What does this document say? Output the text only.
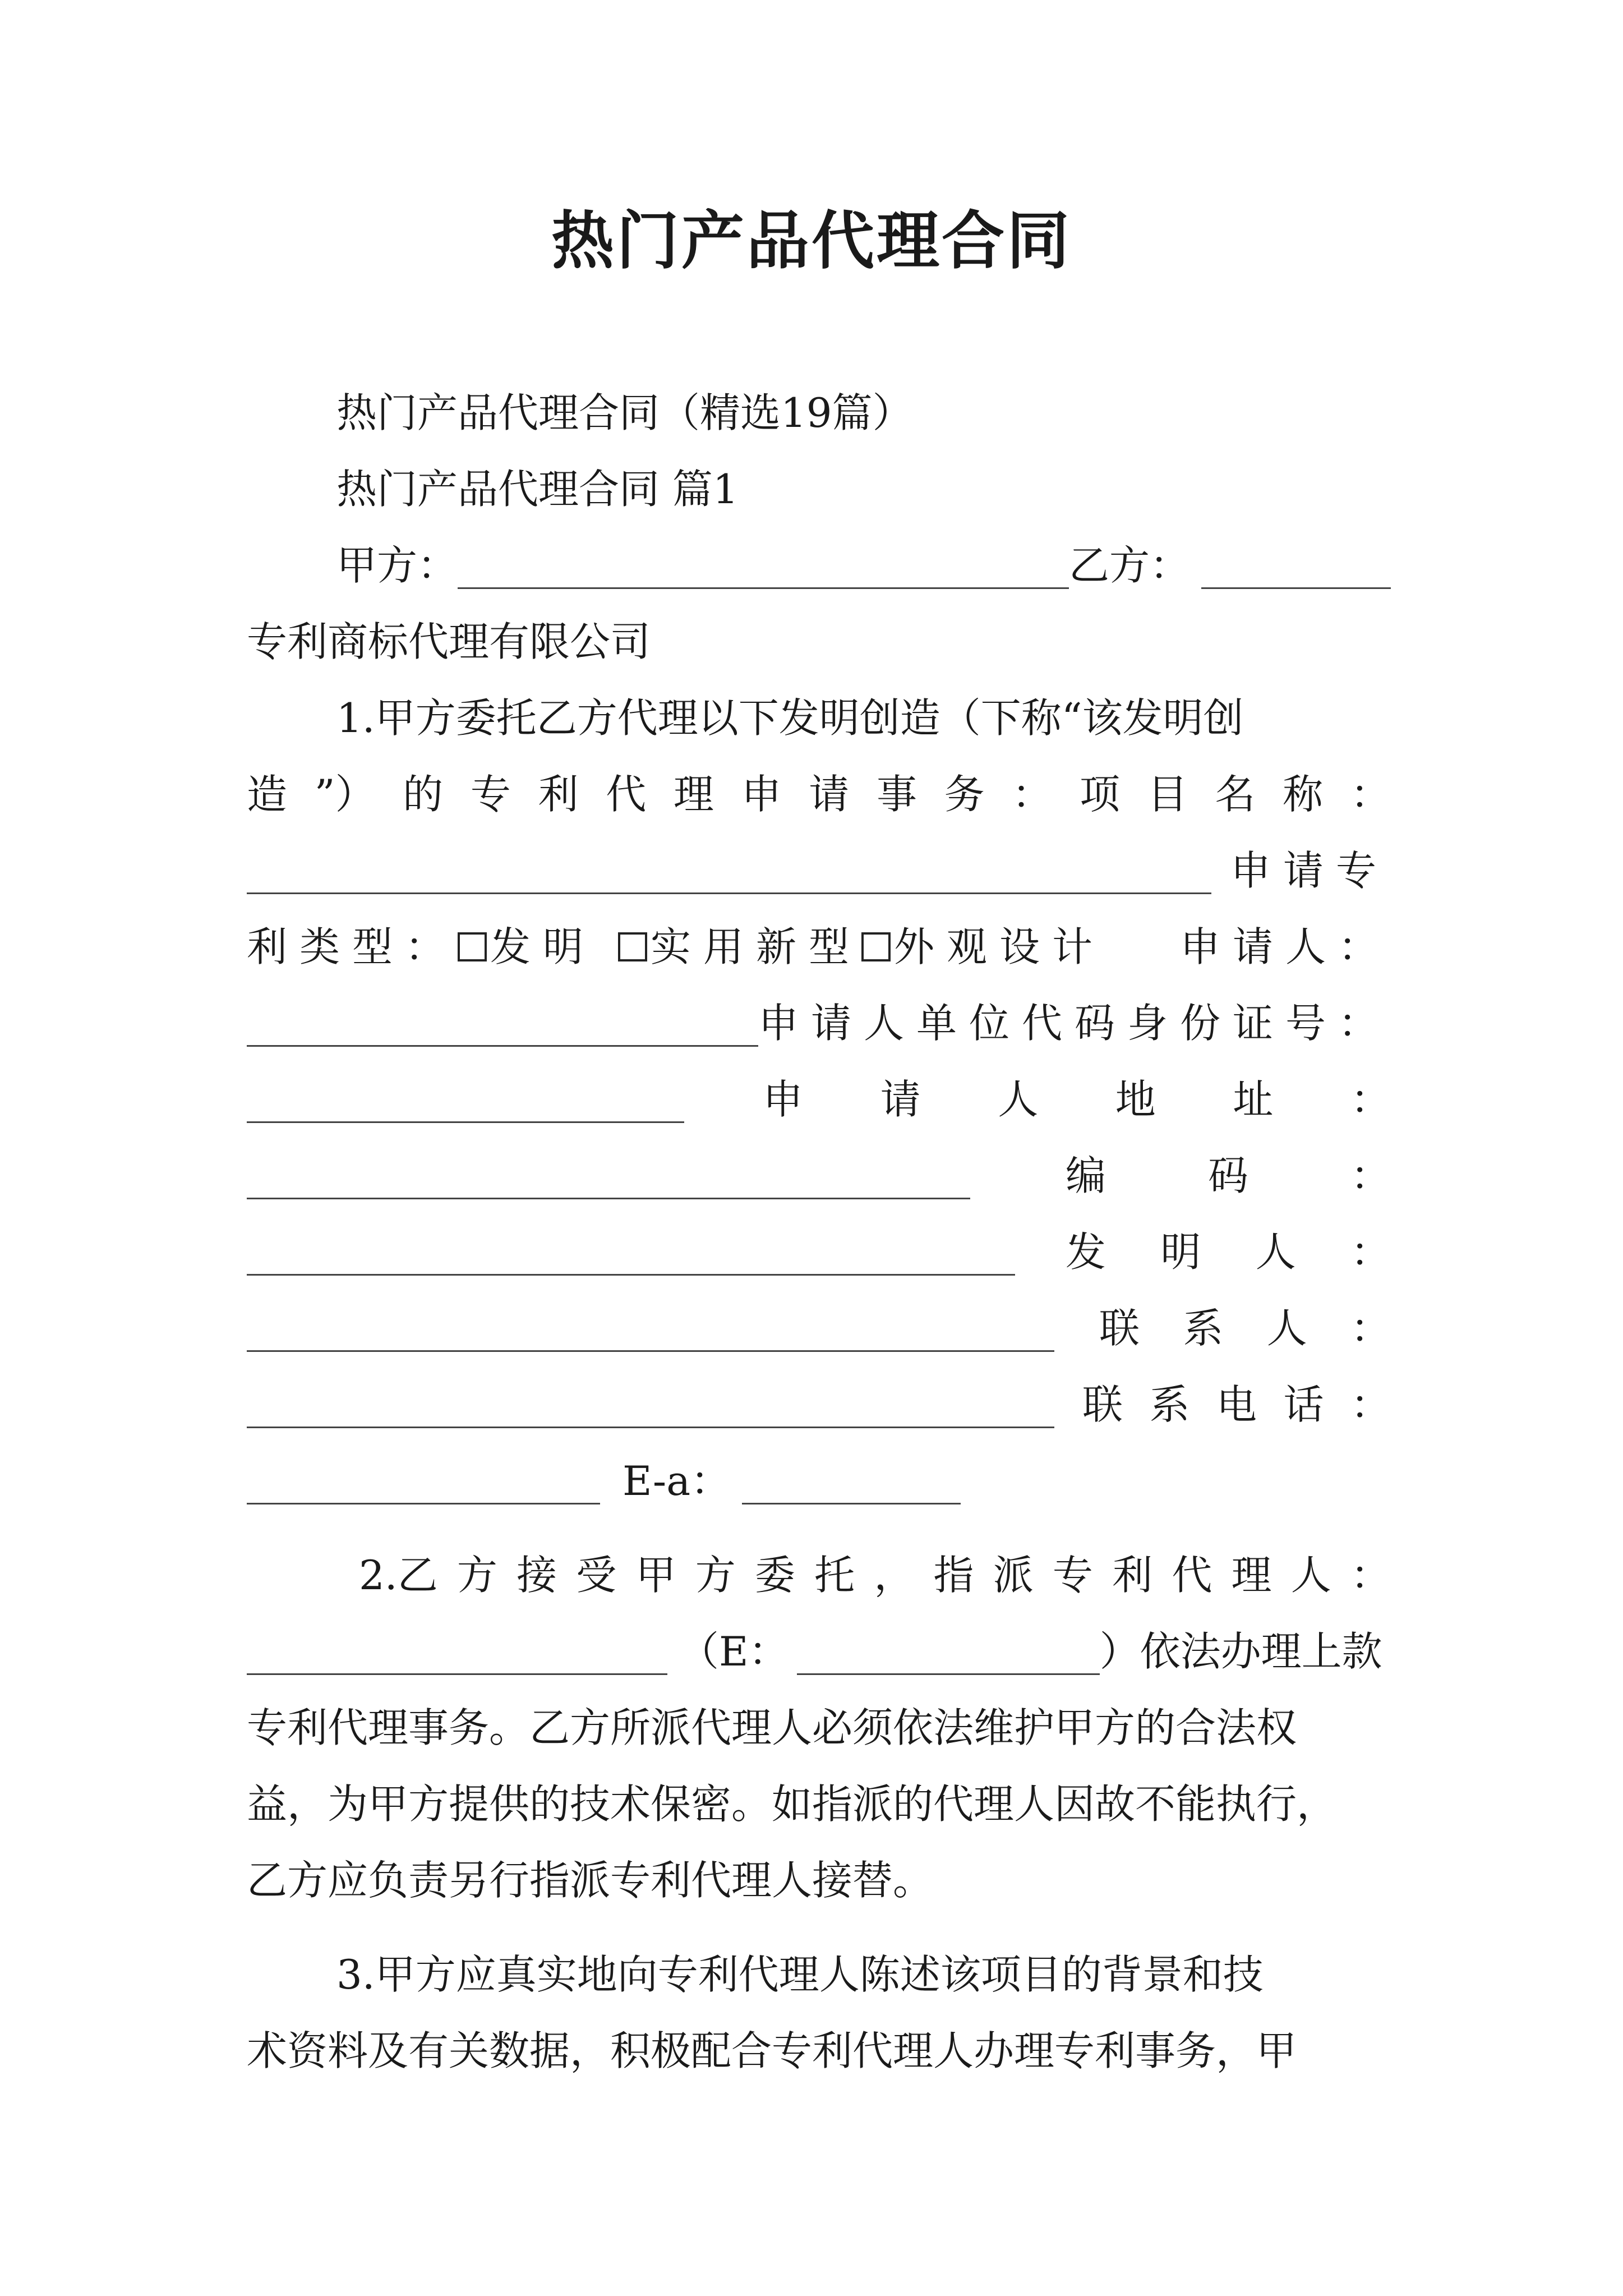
热门产品代理合同
热门产品代理合同（精选19篇）
热门产品代理合同 篇1
甲方：	乙方：
专利商标代理有限公司
1.甲方委托乙方代理以下发明创造（下称“该发明创
造 ”） 的 专 利 代 理 申 请 事 务 ： 项 目 名 称 ：
申请专
利类型： 发明 实用新型 外观设计 申请人：
申请人单位代码身份证号：
申 请 人 地 址 ：
编	码	：
发 明 人 ：
联 系 人 ：
联 系 电 话 ：
E-a：
2.乙 方 接 受 甲 方 委 托 ， 指 派 专 利 代 理 人 ：
（E：	）依法办理上款
专利代理事务。乙方所派代理人必须依法维护甲方的合法权
益，为甲方提供的技术保密。如指派的代理人因故不能执行，
乙方应负责另行指派专利代理人接替。
3.甲方应真实地向专利代理人陈述该项目的背景和技
术资料及有关数据，积极配合专利代理人办理专利事务，甲
